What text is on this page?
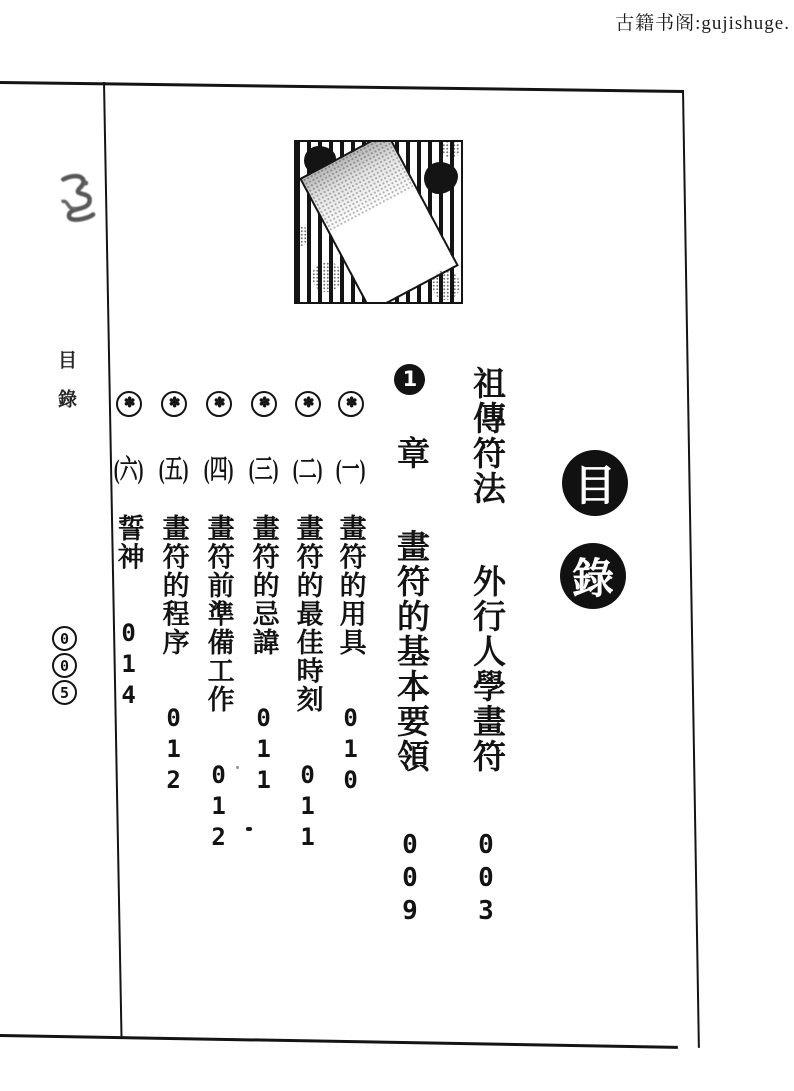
古籍书阁:gujishuge.
目
錄
祖傳符法 外行人學畫符 003
1 章 畫符的基本要領 009
✽ (一) 畫符的用具 010
✽ (二) 畫符的最佳時刻 011
✽ (三) 畫符的忌諱 011
✽ (四) 畫符前準備工作 012
✽ (五) 畫符的程序 012
✽ (六) 誓神 014
目錄
0
0
5
